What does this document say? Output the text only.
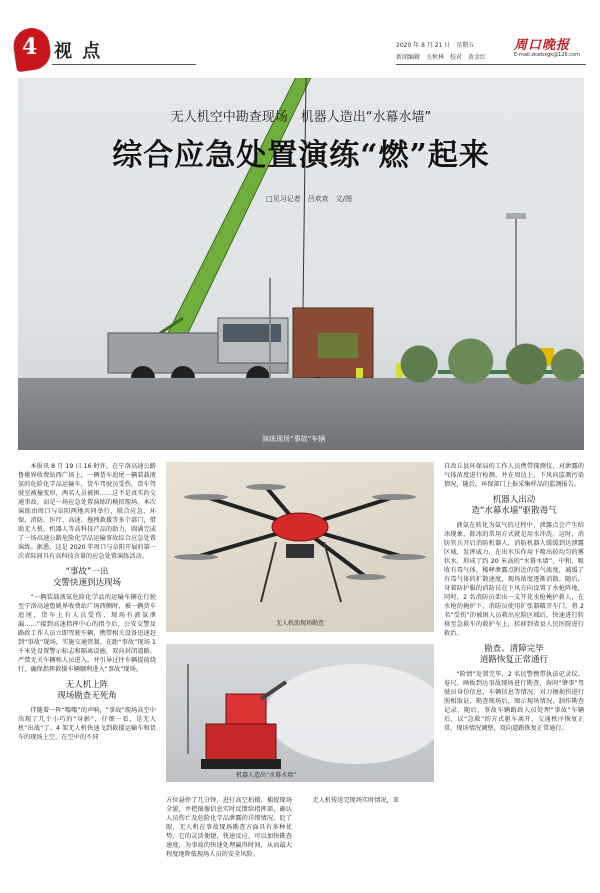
4 视 点	2020 年 8 月 21 日　星期五
新闻编辑　关秋林　校对　黄金红
周口晚报
E-mail:zkwbxgk@126.com
无人机空中勘查现场　机器人造出“水幕水墙”
综合应急处置演练“燃”起来
□见习记者　吕欢欢　文/图
演练现场“事故”车辆

本报讯 8 月 19 日 16 时许，在宁洛高速公路鲁姚界收费站西广场上，一辆货车追尾一辆装载液氨的危险化学品运输车，货车驾驶员受伤，货车驾驶室被撞变形，两名人员被困……这不是真实的交通事故，而是一场应急处置演练的模拟现场。本次演练由周口与阜阳两地共同举行，联合应急、环保、消防、医疗、高速、拖拽救援等多个部门，借助无人机、机器人等高科技产品的助力，圆满完成了一场高速公路危险化学品运输事故综合应急处置演练。据悉，这是 2020 年周口与阜阳开展的第一次省际间具有高科技含量的应急处置演练活动。

“事故”一出
交警快速到达现场

“一辆装载液氨危险化学品的运输车辆在行驶至宁洛高速鲁姚界收费站广场西侧时，被一辆货车追尾，货车上有人员受伤，现场有液氨泄漏……”接到高速指挥中心的指令后，公安交警及路政工作人员立即驾驶车辆，携带相关设备迅速赶到“事故”现场，实施交通管制。在距“事故”现场 1 千米处设置警示标志和隔离设施，双向封闭道路。严禁无关车辆和人员进入，并引导过往车辆提前绕行，确保指挥救援车辆顺利进入“事故”现场。

无人机上阵
现场勘查无死角

伴随着一阵“嗡嗡”的声响，“事故”现场高空中出现了几个小巧的“身影”，仔细一看，是无人机“出战”了。4 架无人机快速飞到救援运输车和货车的现场上空，在空中的不同

无人机助现场勘查
机器人造出“水幕水墙”

方位悬停了几分钟，进行高空拍摄，捕捉现场全貌，并把图像信息实时反馈给指挥部，确认人员伤亡及危险化学品泄露的详细情况。眨了眼，无人机在事故现场勘查方面具有多种优势，它的灵活便捷，快速反应，可以加快勘查速度，为事故的快速处理赢得时间，从而最大程度地降低现场人员的安全风险。

无人机传送完现场实时情况，来

自改丘县环保局的工作人员携带探测仪，对泄露的气体浓度进行检测，并在周边上、下风向监测污染情况，随后，环保部门上报采集样品的监测报告。

机器人出动
造“水幕水墙”驱散毒气

液氨在转化为氨气的过程中，泄露点会产生结冰现象，除冰的常用方式就是用水冲洗。这时，消防官兵开启消防机器人，消防机器人缓缓到达泄露区域，发挥威力，在出水压作用下喷出较均匀的雾状水，形成了约 20 米高的“水幕水墙”，中和、吸收有毒气体，稀释泄露点附近的毒气浓度，减缓了有毒气体的扩散速度，现场浓度逐渐消散。随后，身着防护服的消防员在下风方向设置了水枪阵地，同时，2 名消防员架出一支开花水枪掩护救人，在水枪的掩护下，消防员使用扩张器破开车门，将 2 名“受伤”的被困人员救出应险区域后，快速进行转移至急救车的救护车上，转移到省县人民医院进行救治。

勘查、清障完毕
道路恢复正常通行

“险情”处置完毕，2 名民警携带执法记录仪、卷尺、画板到达事故现场进行勘查，询问“肇事”驾驶员身份信息，车辆信息等情况，对刀擦损伤进行照相取证，勘查现场后，图示现场情况，制作勘查记录。随后，事故车辆路政人员处理“事故”车辆后，以“急救”的方式驱车离开，交通秩序恢复正常，现场情况调整，双向道路恢复正常通行。
